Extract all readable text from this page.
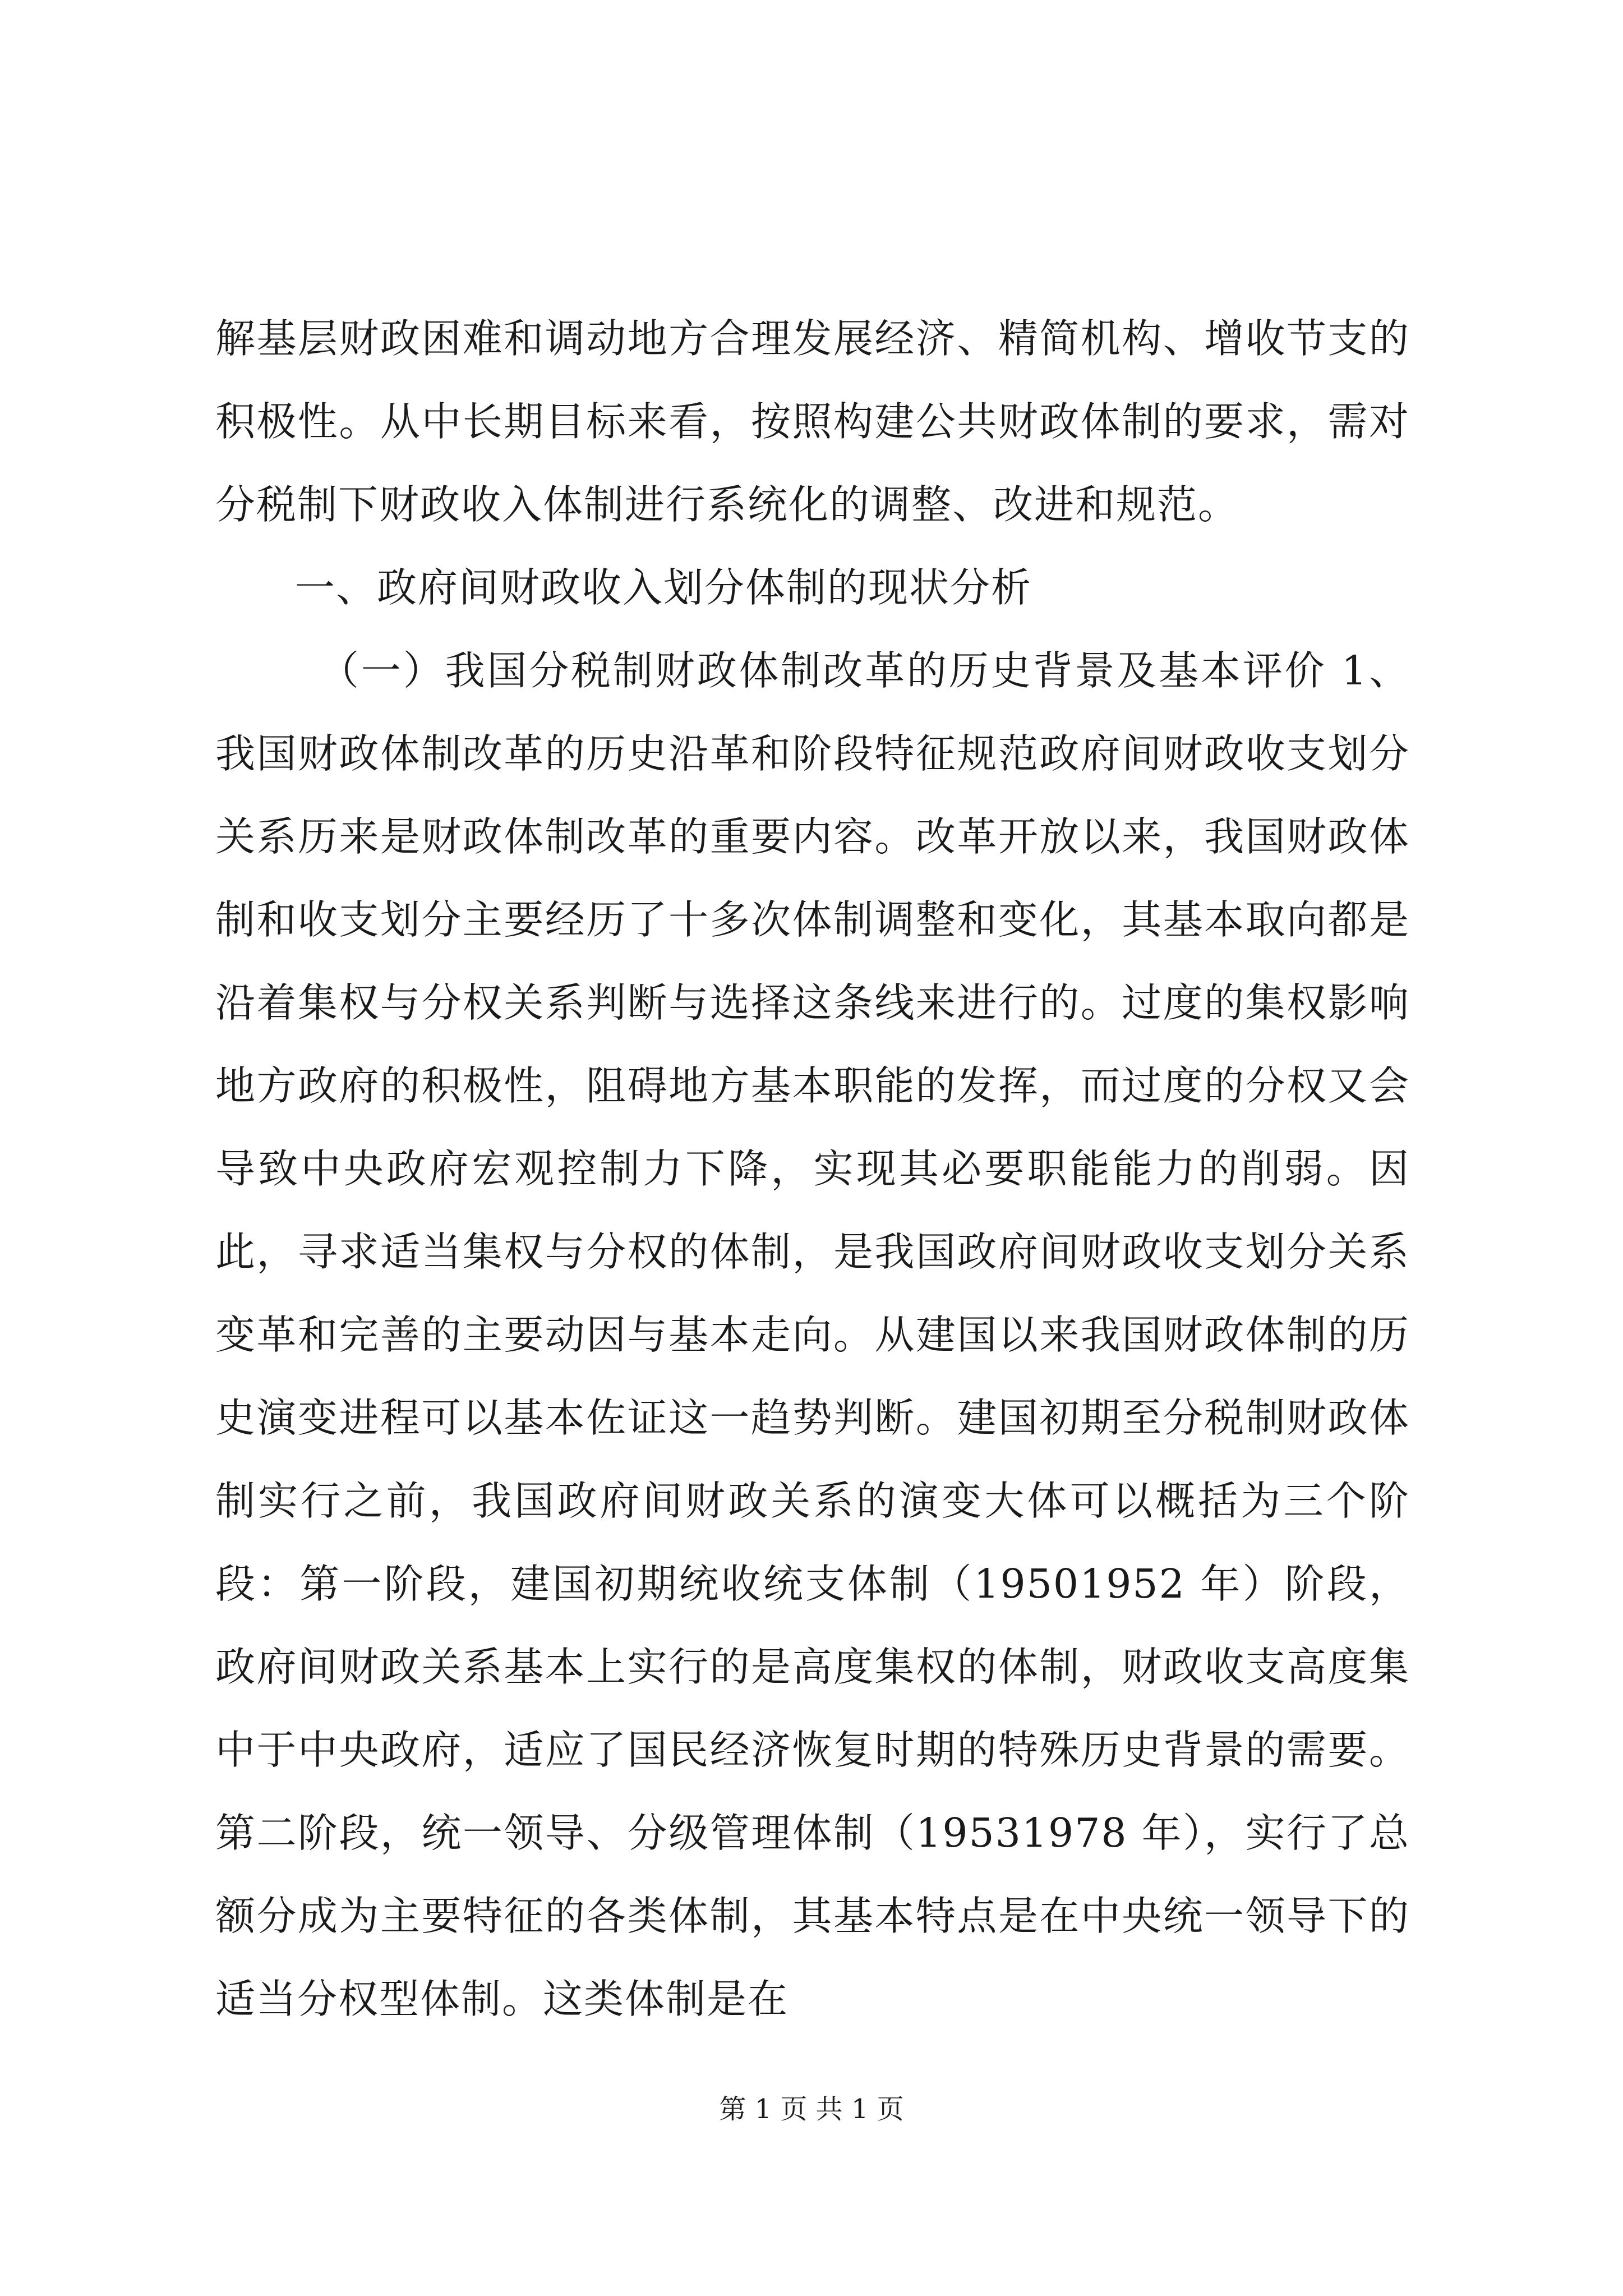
解基层财政困难和调动地方合理发展经济、精简机构、增收节支的积极性。从中长期目标来看，按照构建公共财政体制的要求，需对分税制下财政收入体制进行系统化的调整、改进和规范。

一、政府间财政收入划分体制的现状分析

（一）我国分税制财政体制改革的历史背景及基本评价 1、我国财政体制改革的历史沿革和阶段特征规范政府间财政收支划分关系历来是财政体制改革的重要内容。改革开放以来，我国财政体制和收支划分主要经历了十多次体制调整和变化，其基本取向都是沿着集权与分权关系判断与选择这条线来进行的。过度的集权影响地方政府的积极性，阻碍地方基本职能的发挥，而过度的分权又会导致中央政府宏观控制力下降，实现其必要职能能力的削弱。因此，寻求适当集权与分权的体制，是我国政府间财政收支划分关系变革和完善的主要动因与基本走向。从建国以来我国财政体制的历史演变进程可以基本佐证这一趋势判断。建国初期至分税制财政体制实行之前，我国政府间财政关系的演变大体可以概括为三个阶段：第一阶段，建国初期统收统支体制（19501952 年）阶段，政府间财政关系基本上实行的是高度集权的体制，财政收支高度集中于中央政府，适应了国民经济恢复时期的特殊历史背景的需要。第二阶段，统一领导、分级管理体制（19531978 年），实行了总额分成为主要特征的各类体制，其基本特点是在中央统一领导下的适当分权型体制。这类体制是在

第 1 页 共 1 页
